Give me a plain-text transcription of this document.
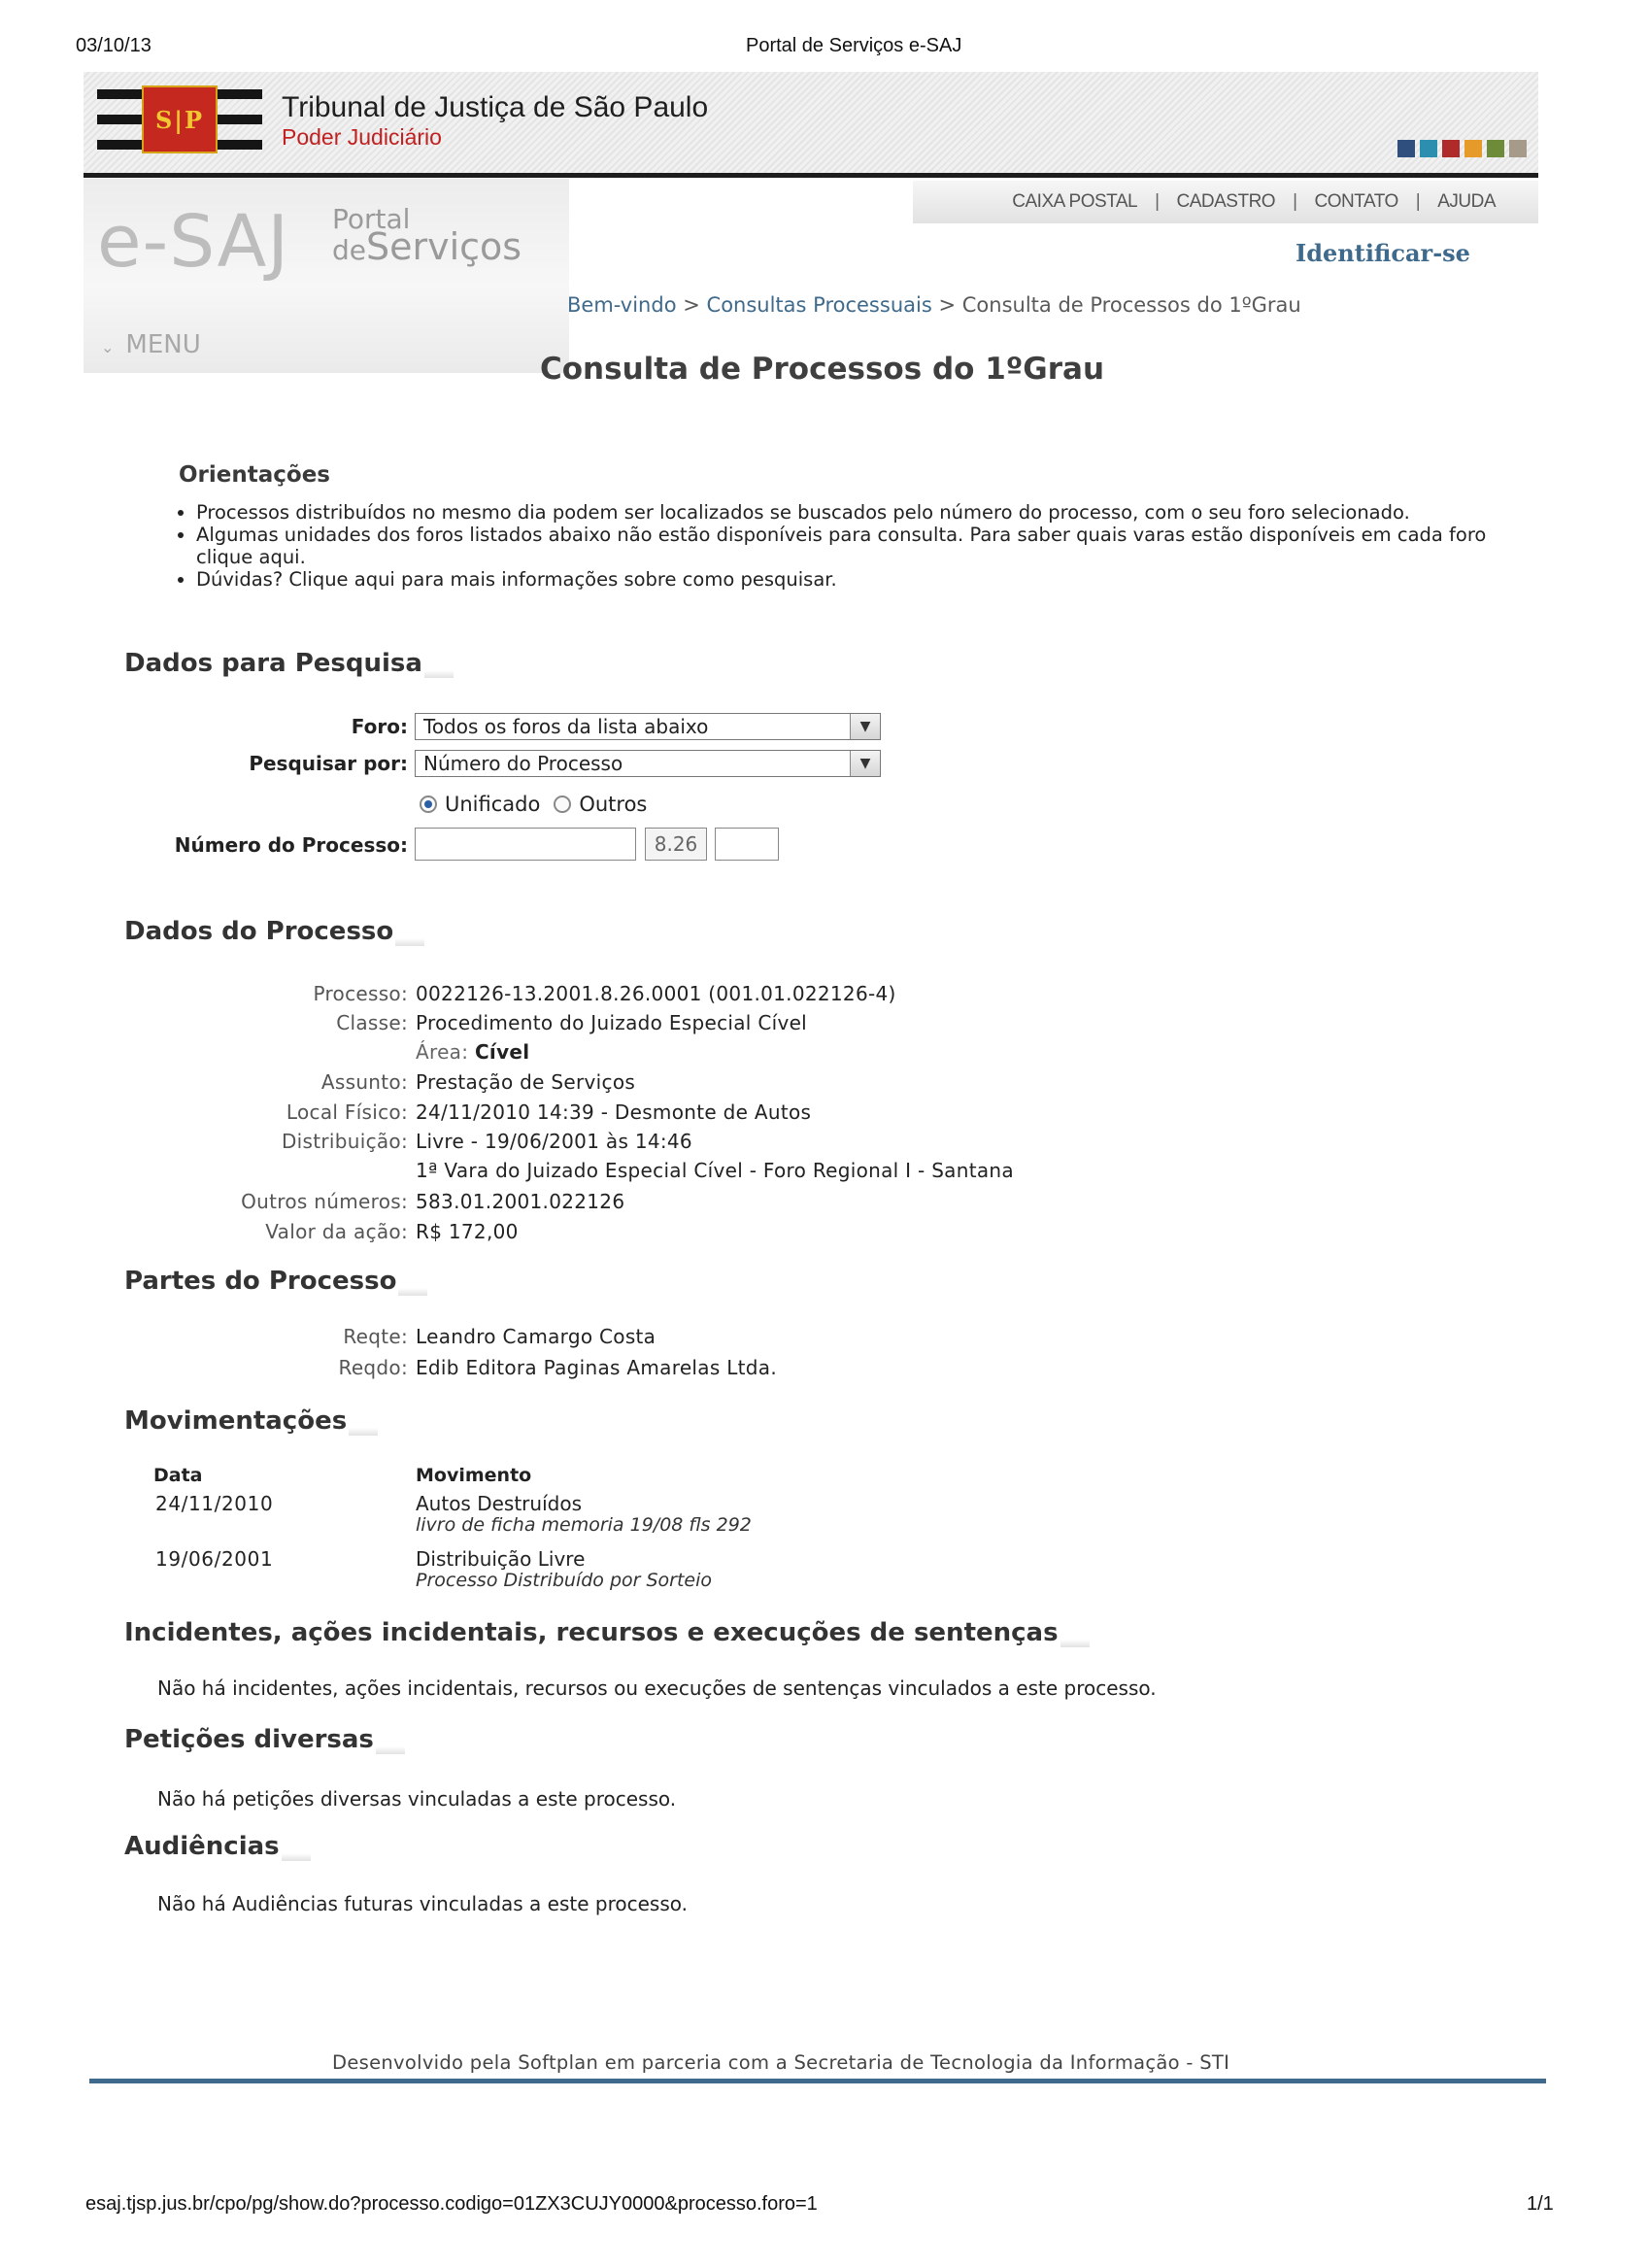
03/10/13	Portal de Serviços e-SAJ
S|P	Tribunal de Justiça de São Paulo
Poder Judiciário
e-SAJ Portal
deServiços
⌄ MENU
CAIXA POSTAL | CADASTRO | CONTATO | AJUDA
Identificar-se
Bem-vindo > Consultas Processuais > Consulta de Processos do 1ºGrau
Consulta de Processos do 1ºGrau
Orientações
• Processos distribuídos no mesmo dia podem ser localizados se buscados pelo número do processo, com o seu foro selecionado.
• Algumas unidades dos foros listados abaixo não estão disponíveis para consulta. Para saber quais varas estão disponíveis em cada foro clique aqui.
• Dúvidas? Clique aqui para mais informações sobre como pesquisar.
Dados para Pesquisa
Foro: Todos os foros da lista abaixo	▼
Pesquisar por: Número do Processo	▼
Unificado Outros
Número do Processo:	8.26
Dados do Processo
Processo: 0022126-13.2001.8.26.0001 (001.01.022126-4)
Classe: Procedimento do Juizado Especial Cível
Área: Cível
Assunto: Prestação de Serviços
Local Físico: 24/11/2010 14:39 - Desmonte de Autos
Distribuição: Livre - 19/06/2001 às 14:46
1ª Vara do Juizado Especial Cível - Foro Regional I - Santana
Outros números: 583.01.2001.022126
Valor da ação: R$ 172,00
Partes do Processo
Reqte: Leandro Camargo Costa
Reqdo: Edib Editora Paginas Amarelas Ltda.
Movimentações
Data	Movimento
24/11/2010	Autos Destruídos
livro de ficha memoria 19/08 fls 292
19/06/2001	Distribuição Livre
Processo Distribuído por Sorteio
Incidentes, ações incidentais, recursos e execuções de sentenças
Não há incidentes, ações incidentais, recursos ou execuções de sentenças vinculados a este processo.
Petições diversas
Não há petições diversas vinculadas a este processo.
Audiências
Não há Audiências futuras vinculadas a este processo.
Desenvolvido pela Softplan em parceria com a Secretaria de Tecnologia da Informação - STI
esaj.tjsp.jus.br/cpo/pg/show.do?processo.codigo=01ZX3CUJY0000&processo.foro=1	1/1
